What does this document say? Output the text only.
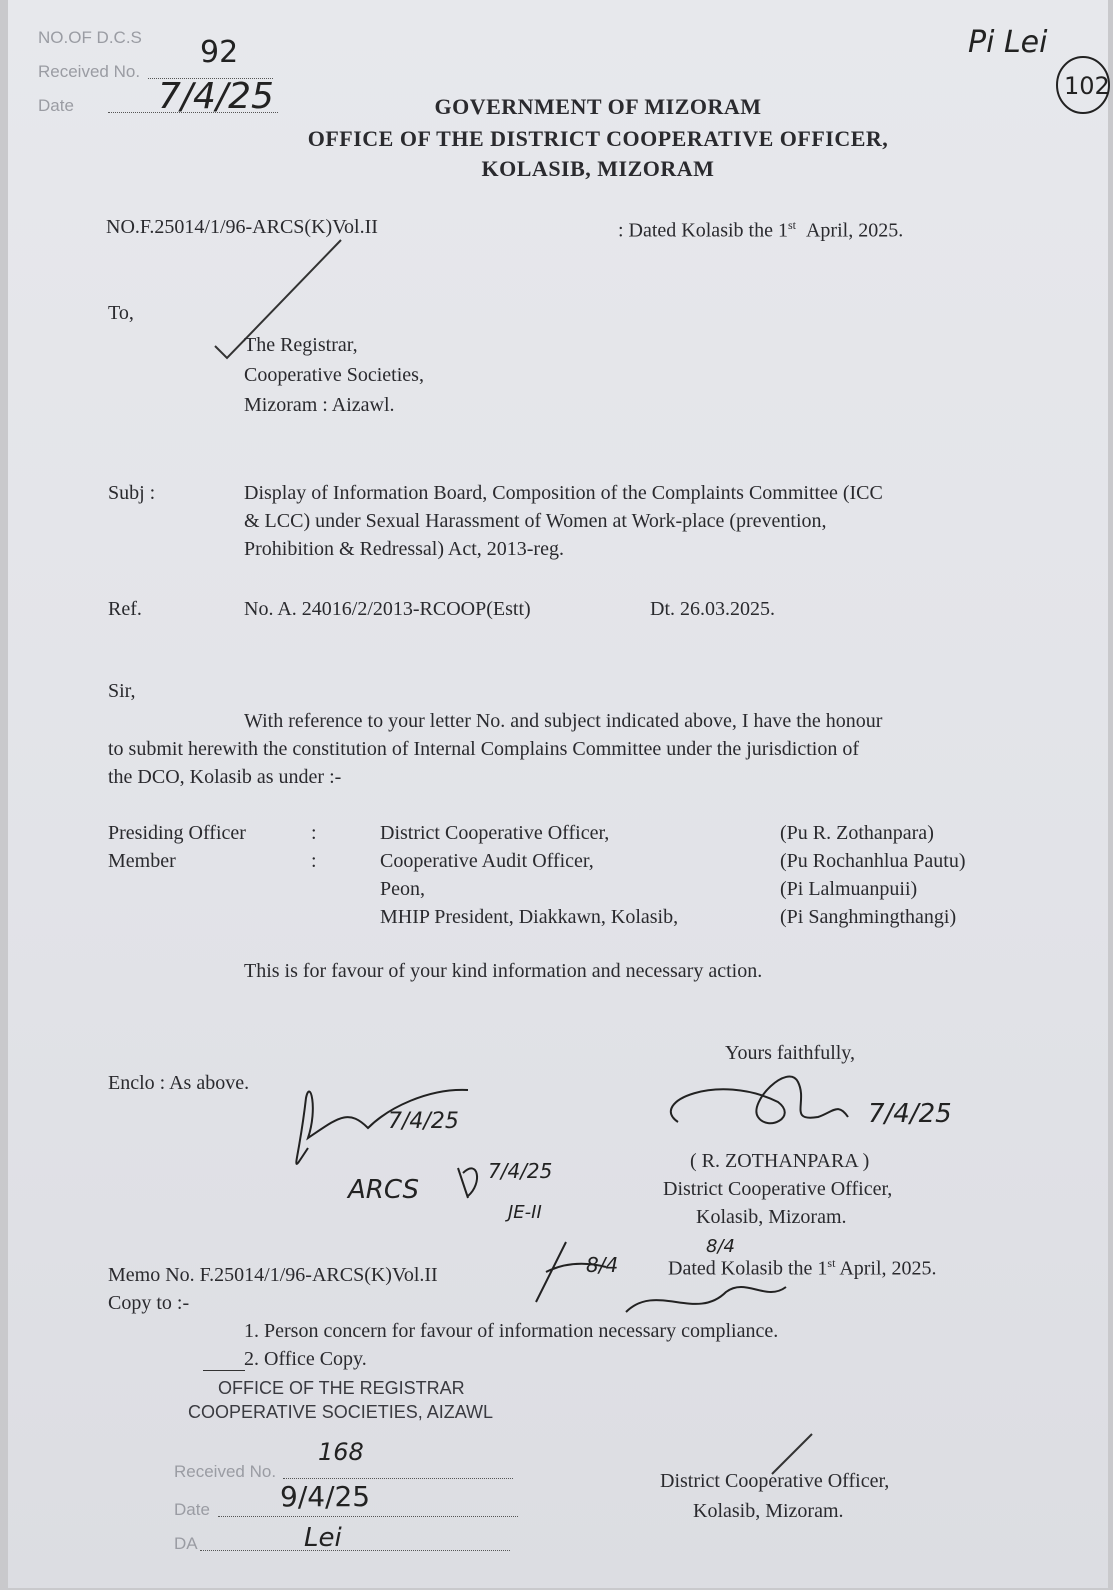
NO.OF D.C.S
Received No.
Date
92
7/4/25
Pi Lei
102
GOVERNMENT OF MIZORAM
OFFICE OF THE DISTRICT COOPERATIVE OFFICER,
KOLASIB, MIZORAM
NO.F.25014/1/96-ARCS(K)Vol.II	: Dated Kolasib the 1st April, 2025.
To,
The Registrar,
Cooperative Societies,
Mizoram : Aizawl.
Subj :	Display of Information Board, Composition of the Complaints Committee (ICC
& LCC) under Sexual Harassment of Women at Work-place (prevention,
Prohibition & Redressal) Act, 2013-reg.
Ref.	No. A. 24016/2/2013-RCOOP(Estt)	Dt. 26.03.2025.
Sir,
With reference to your letter No. and subject indicated above, I have the honour
to submit herewith the constitution of Internal Complains Committee under the jurisdiction of
the DCO, Kolasib as under :-
Presiding Officer	:	District Cooperative Officer,	(Pu R. Zothanpara)
Member	:	Cooperative Audit Officer,	(Pu Rochanhlua Pautu)
Peon,	(Pi Lalmuanpuii)
MHIP President, Diakkawn, Kolasib,	(Pi Sanghmingthangi)
This is for favour of your kind information and necessary action.
Yours faithfully,
Enclo : As above.
7/4/25
ARCS
7/4/25
JE-II
7/4/25
( R. ZOTHANPARA )
District Cooperative Officer,
Kolasib, Mizoram.
Memo No. F.25014/1/96-ARCS(K)Vol.II	8/4
8/4
Dated Kolasib the 1st April, 2025.
Copy to :-
1. Person concern for favour of information necessary compliance.
2. Office Copy.
OFFICE OF THE REGISTRAR
COOPERATIVE SOCIETIES, AIZAWL
Received No.
Date
DA
168
9/4/25
Lei
District Cooperative Officer,
Kolasib, Mizoram.
